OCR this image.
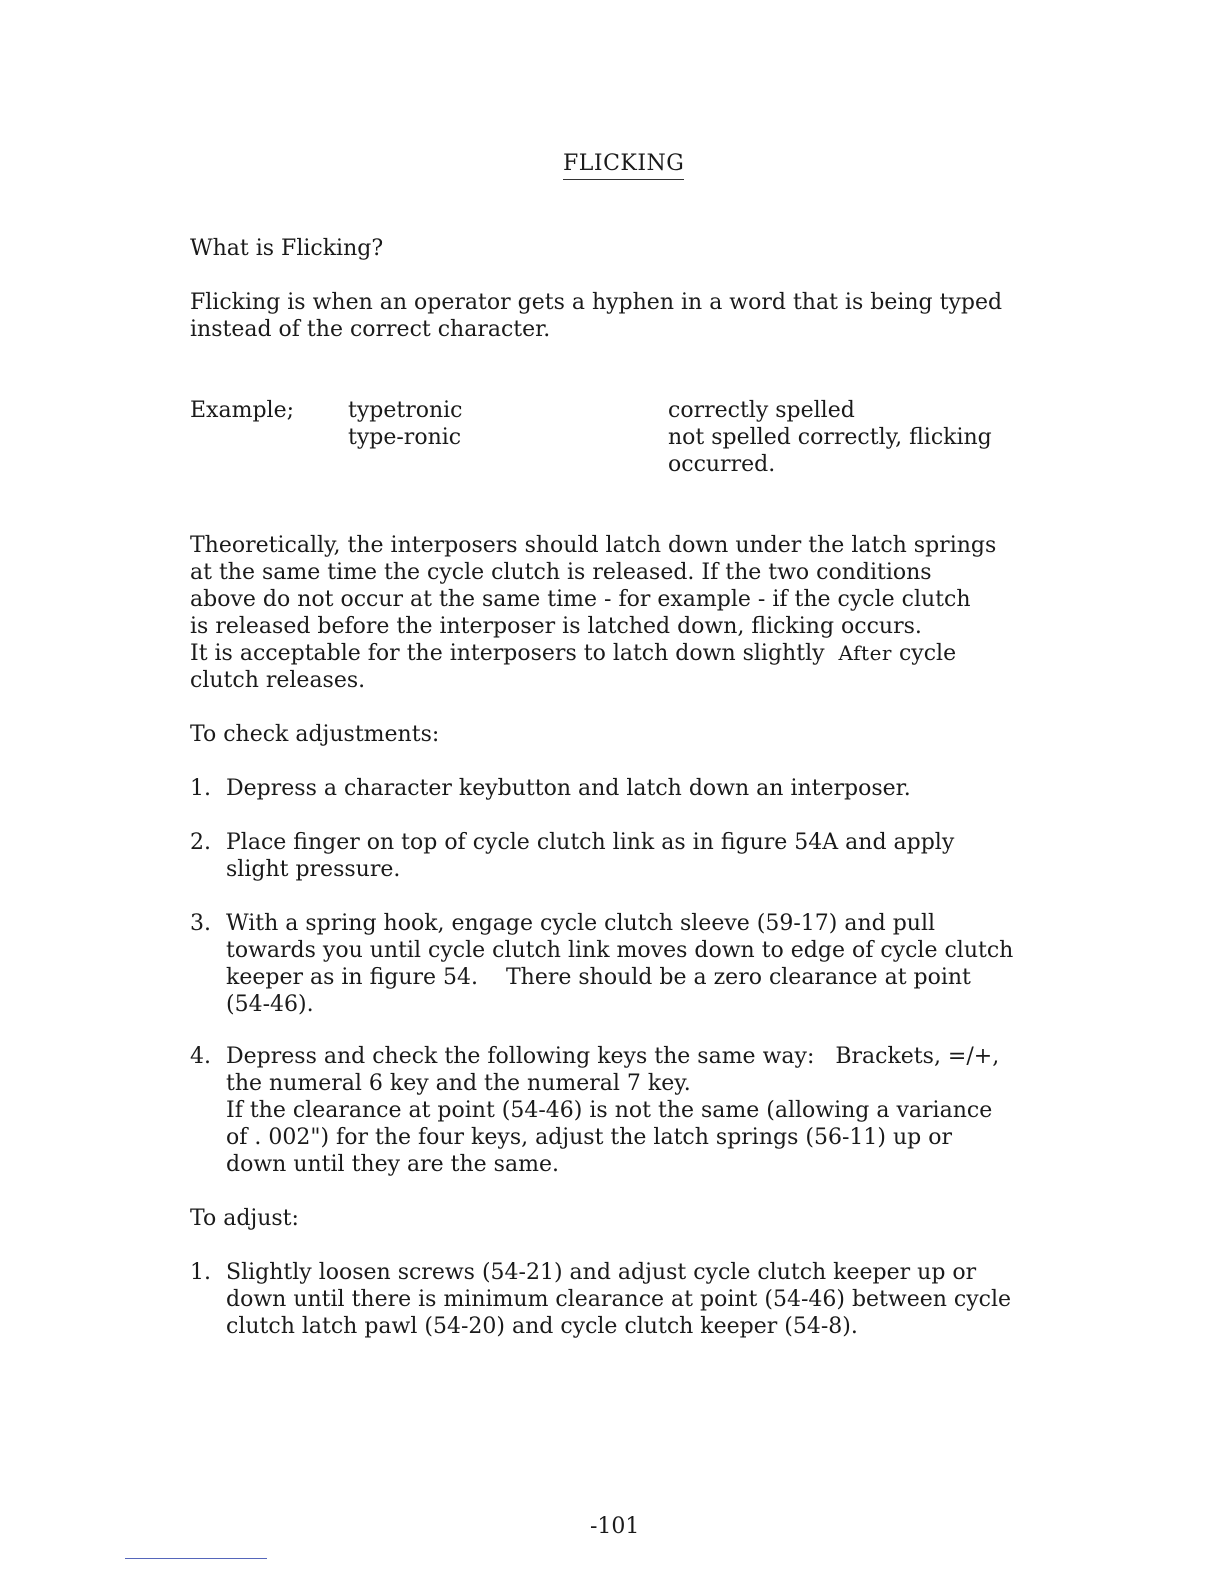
FLICKING
What is Flicking?
Flicking is when an operator gets a hyphen in a word that is being typed
instead of the correct character.
Example; typetronic	correctly spelled
type-ronic	not spelled correctly, flicking
occurred.
Theoretically, the interposers should latch down under the latch springs
at the same time the cycle clutch is released. If the two conditions
above do not occur at the same time - for example - if the cycle clutch
is released before the interposer is latched down, flicking occurs.
It is acceptable for the interposers to latch down slightly After cycle
clutch releases.
To check adjustments:
1. Depress a character keybutton and latch down an interposer.
2. Place finger on top of cycle clutch link as in figure 54A and apply
slight pressure.
3. With a spring hook, engage cycle clutch sleeve (59-17) and pull
towards you until cycle clutch link moves down to edge of cycle clutch
keeper as in figure 54.    There should be a zero clearance at point
(54-46).
4. Depress and check the following keys the same way:   Brackets, =/+,
the numeral 6 key and the numeral 7 key.
If the clearance at point (54-46) is not the same (allowing a variance
of . 002") for the four keys, adjust the latch springs (56-11) up or
down until they are the same.
To adjust:
1. Slightly loosen screws (54-21) and adjust cycle clutch keeper up or
down until there is minimum clearance at point (54-46) between cycle
clutch latch pawl (54-20) and cycle clutch keeper (54-8).
-101
